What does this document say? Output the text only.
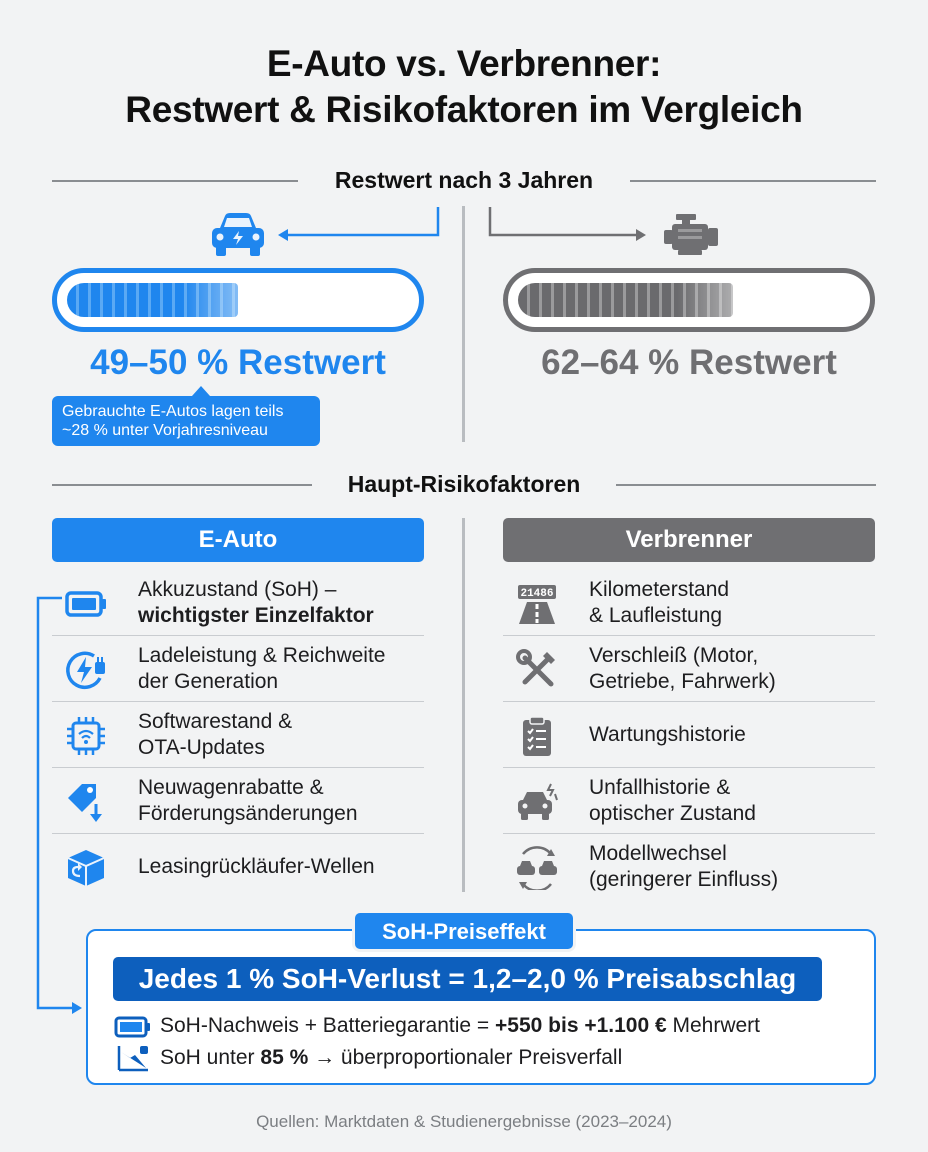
E-Auto vs. Verbrenner:
Restwert & Risikofaktoren im Vergleich
Restwert nach 3 Jahren
49–50 % Restwert	62–64 % Restwert
Gebrauchte E-Autos lagen teils
~28 % unter Vorjahresniveau
Haupt-Risikofaktoren
E-Auto	Verbrenner
Akkuzustand (SoH) –
wichtigster Einzelfaktor
Ladeleistung & Reichweite
der Generation
Softwarestand &
OTA-Updates
Neuwagenrabatte &
Förderungsänderungen
Leasingrückläufer-Wellen
21486 Kilometerstand
& Laufleistung
Verschleiß (Motor,
Getriebe, Fahrwerk)
Wartungshistorie
Unfallhistorie &
optischer Zustand
Modellwechsel
(geringerer Einfluss)
SoH-Preiseffekt
Jedes 1 % SoH-Verlust = 1,2–2,0 % Preisabschlag
SoH-Nachweis + Batteriegarantie = +550 bis +1.100 € Mehrwert
SoH unter 85 % → überproportionaler Preisverfall
Quellen: Marktdaten & Studienergebnisse (2023–2024)
